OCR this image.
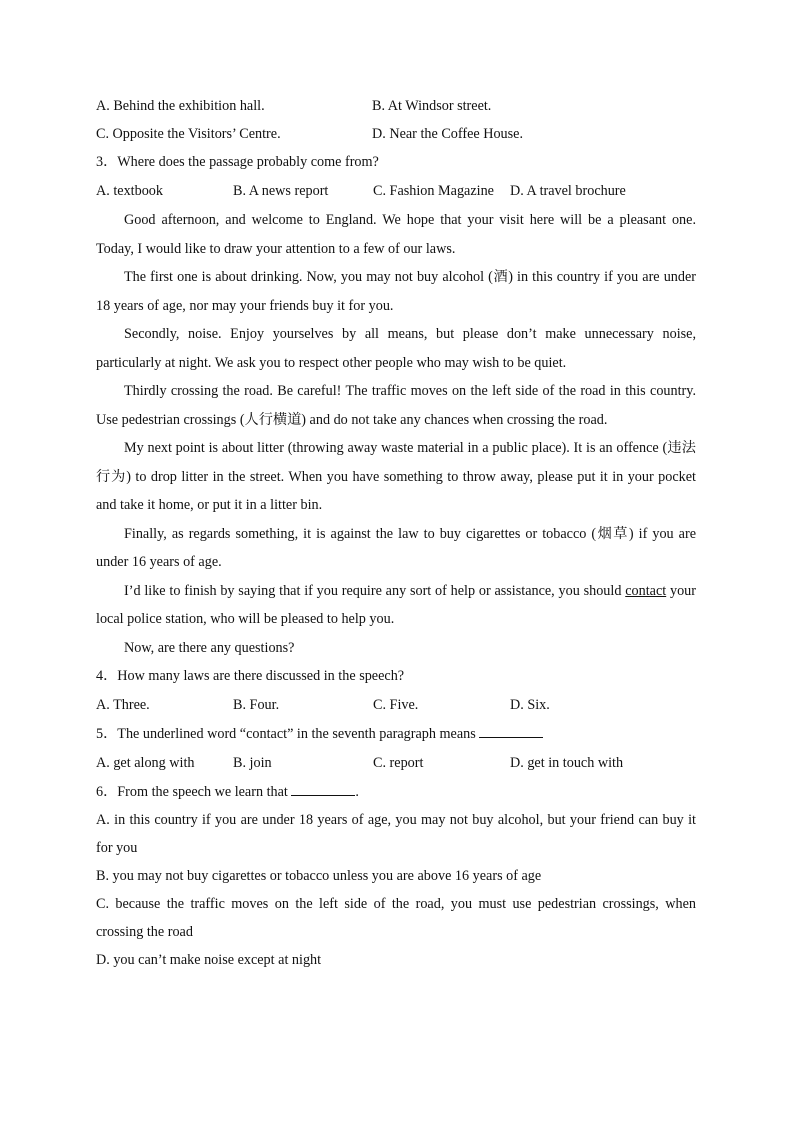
A. Behind the exhibition hall.	B. At Windsor street.
C. Opposite the Visitors’ Centre.	D. Near the Coffee House.
3．Where does the passage probably come from?
A. textbook	B. A news report	C. Fashion Magazine	D. A travel brochure

Good afternoon, and welcome to England. We hope that your visit here will be a pleasant one. Today, I would like to draw your attention to a few of our laws.

The first one is about drinking. Now, you may not buy alcohol (酒) in this country if you are under 18 years of age, nor may your friends buy it for you.

Secondly, noise. Enjoy yourselves by all means, but please don’t make unnecessary noise, particularly at night. We ask you to respect other people who may wish to be quiet.

Thirdly crossing the road. Be careful! The traffic moves on the left side of the road in this country. Use pedestrian crossings (人行横道) and do not take any chances when crossing the road.

My next point is about litter (throwing away waste material in a public place). It is an offence (违法行为) to drop litter in the street. When you have something to throw away, please put it in your pocket and take it home, or put it in a litter bin.

Finally, as regards something, it is against the law to buy cigarettes or tobacco (烟草) if you are under 16 years of age.

I’d like to finish by saying that if you require any sort of help or assistance, you should contact your local police station, who will be pleased to help you.

Now, are there any questions?

4．How many laws are there discussed in the speech?
A. Three.	B. Four.	C. Five.	D. Six.
5．The underlined word “contact” in the seventh paragraph means
A. get along with	B. join	C. report	D. get in touch with
6．From the speech we learn that	.

A. in this country if you are under 18 years of age, you may not buy alcohol, but your friend can buy it for you

B. you may not buy cigarettes or tobacco unless you are above 16 years of age

C. because the traffic moves on the left side of the road, you must use pedestrian crossings, when crossing the road

D. you can’t make noise except at night
